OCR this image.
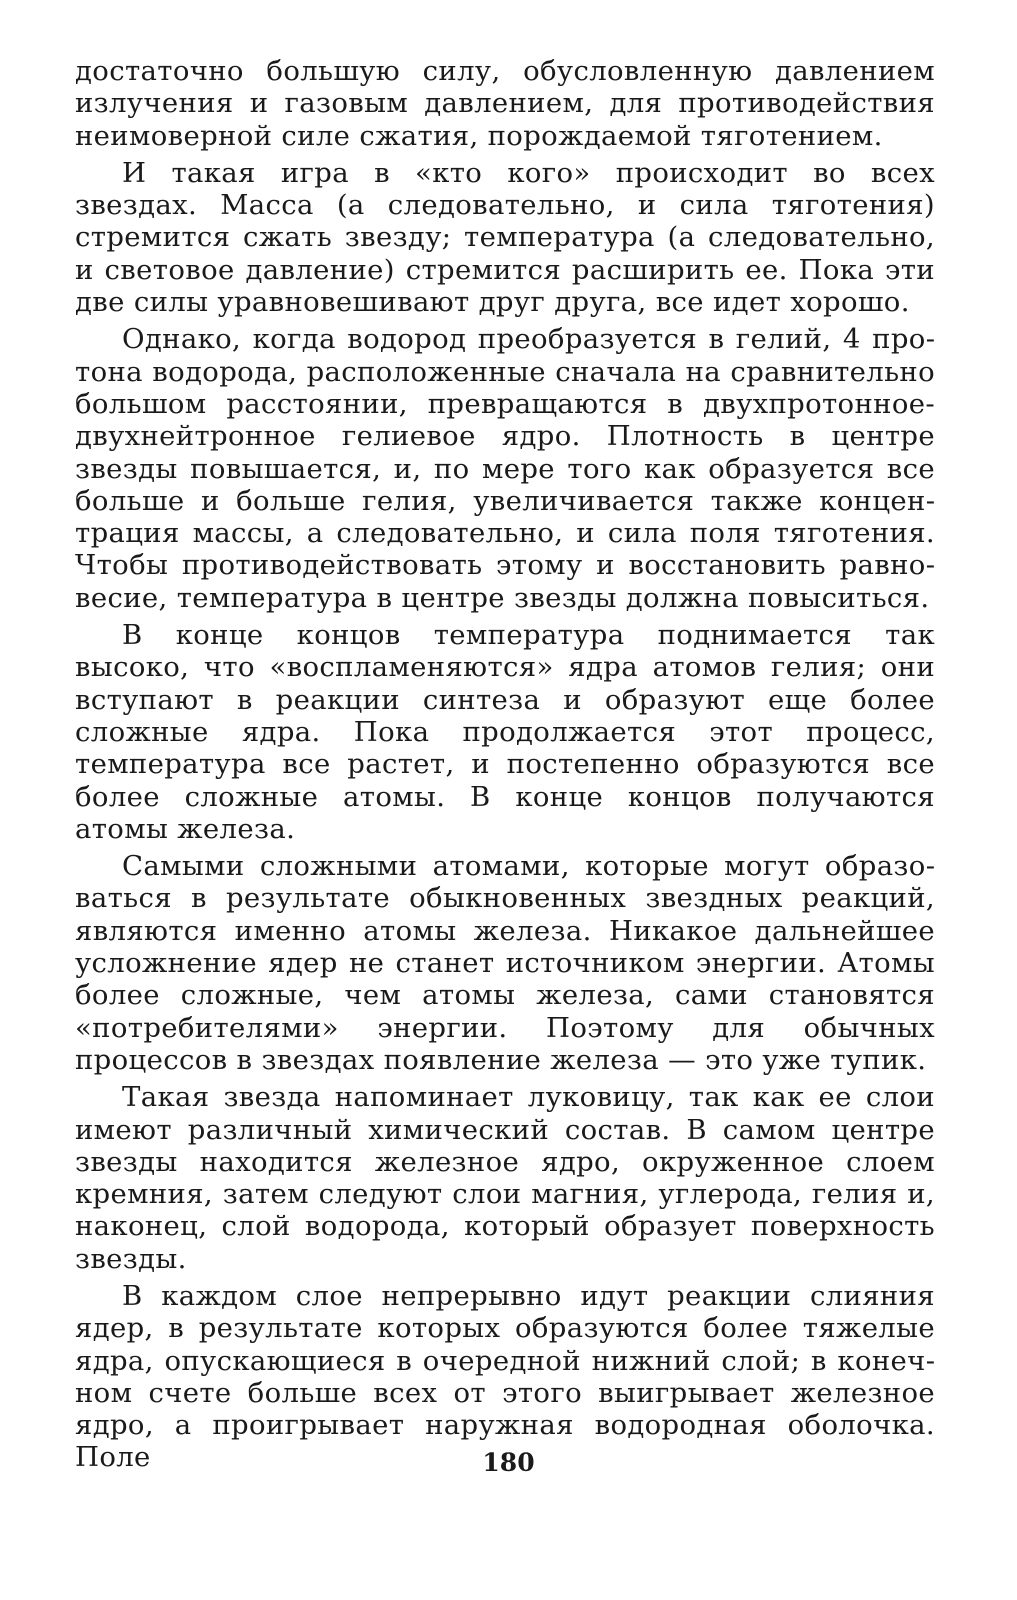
достаточно большую силу, обусловленную давлением излучения и газовым давлением, для противодействия неимоверной силе сжатия, порождаемой тяготением.

И такая игра в «кто кого» происходит во всех звездах. Масса (а следовательно, и сила тяготения) стремится сжать звезду; температура (а следовательно, и световое давление) стремится расширить ее. Пока эти две силы уравновешивают друг друга, все идет хорошо.

Однако, когда водород преобразуется в гелий, 4 протона водорода, расположенные сначала на сравнительно большом расстоянии, превращаются в двухпротонное-двухнейтронное гелиевое ядро. Плотность в центре звезды повышается, и, по мере того как образуется все больше и больше гелия, увеличивается также концентрация массы, а следовательно, и сила поля тяготения. Чтобы противодействовать этому и восстановить равновесие, температура в центре звезды должна повыситься.

В конце концов температура поднимается так высоко, что «воспламеняются» ядра атомов гелия; они вступают в реакции синтеза и образуют еще более сложные ядра. Пока продолжается этот процесс, температура все растет, и постепенно образуются все более сложные атомы. В конце концов получаются атомы железа.

Самыми сложными атомами, которые могут образоваться в результате обыкновенных звездных реакций, являются именно атомы железа. Никакое дальнейшее усложнение ядер не станет источником энергии. Атомы более сложные, чем атомы железа, сами становятся «потребителями» энергии. Поэтому для обычных процессов в звездах появление железа — это уже тупик.

Такая звезда напоминает луковицу, так как ее слои имеют различный химический состав. В самом центре звезды находится железное ядро, окруженное слоем кремния, затем следуют слои магния, углерода, гелия и, наконец, слой водорода, который образует поверхность звезды.

В каждом слое непрерывно идут реакции слияния ядер, в результате которых образуются более тяжелые ядра, опускающиеся в очередной нижний слой; в конечном счете больше всех от этого выигрывает железное ядро, а проигрывает наружная водородная оболочка. Поле	180
